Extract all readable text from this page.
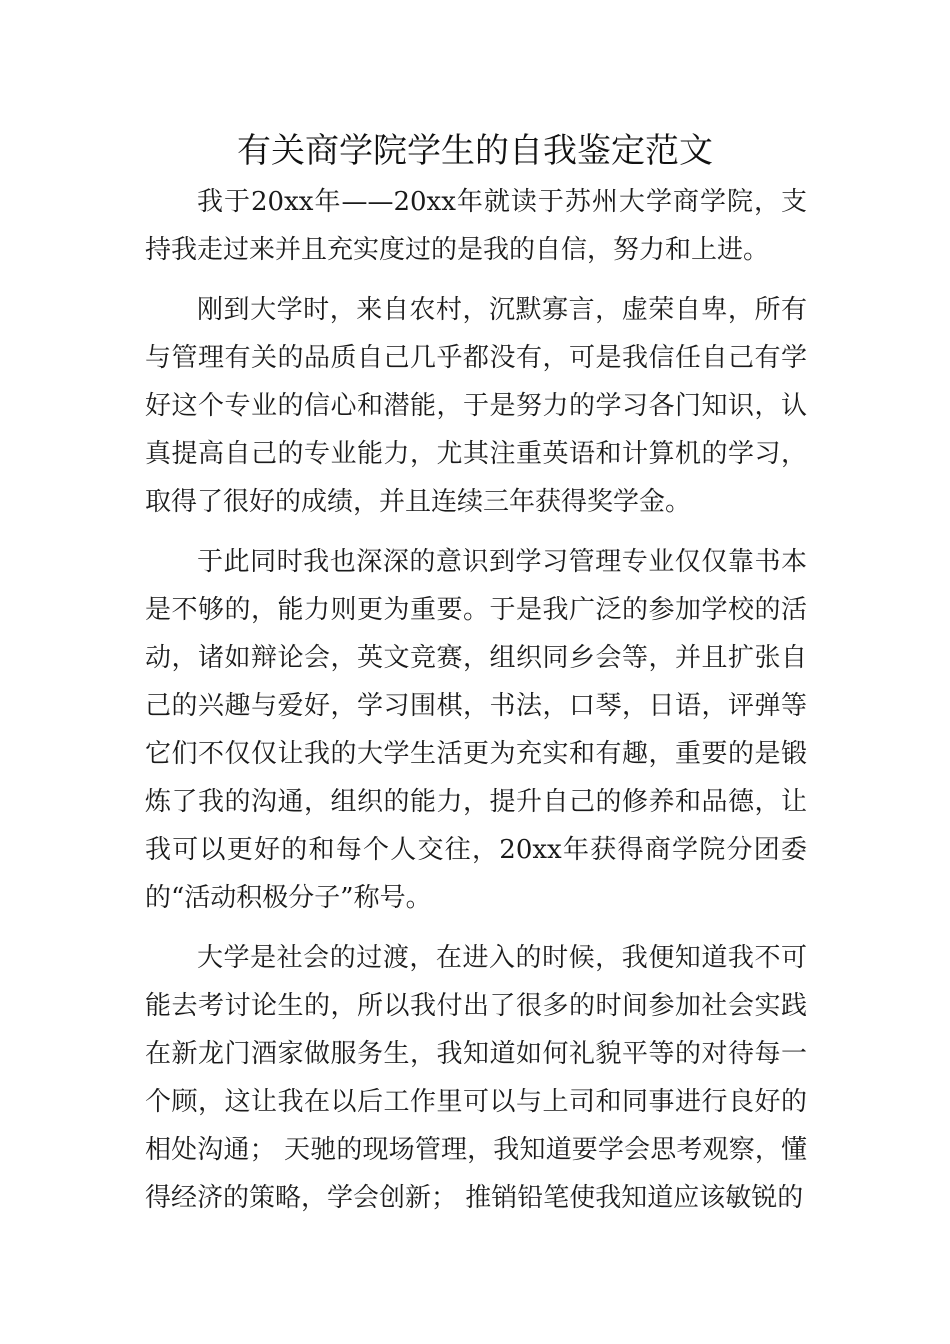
有关商学院学生的自我鉴定范文

我于20xx年——20xx年就读于苏州大学商学院，支持我走过来并且充实度过的是我的自信，努力和上进。

刚到大学时，来自农村，沉默寡言，虚荣自卑，所有与管理有关的品质自己几乎都没有，可是我信任自己有学好这个专业的信心和潜能，于是努力的学习各门知识，认真提高自己的专业能力，尤其注重英语和计算机的学习，取得了很好的成绩，并且连续三年获得奖学金。

于此同时我也深深的意识到学习管理专业仅仅靠书本是不够的，能力则更为重要。于是我广泛的参加学校的活动，诸如辩论会，英文竞赛，组织同乡会等，并且扩张自己的兴趣与爱好，学习围棋，书法，口琴，日语，评弹等它们不仅仅让我的大学生活更为充实和有趣，重要的是锻炼了我的沟通，组织的能力，提升自己的修养和品德，让我可以更好的和每个人交往，20xx年获得商学院分团委的“活动积极分子”称号。

大学是社会的过渡，在进入的时候，我便知道我不可能去考讨论生的，所以我付出了很多的时间参加社会实践在新龙门酒家做服务生，我知道如何礼貌平等的对待每一个顾，这让我在以后工作里可以与上司和同事进行良好的相处沟通； 天驰的现场管理，我知道要学会思考观察，懂得经济的策略，学会创新； 推销铅笔使我知道应该敏锐的
